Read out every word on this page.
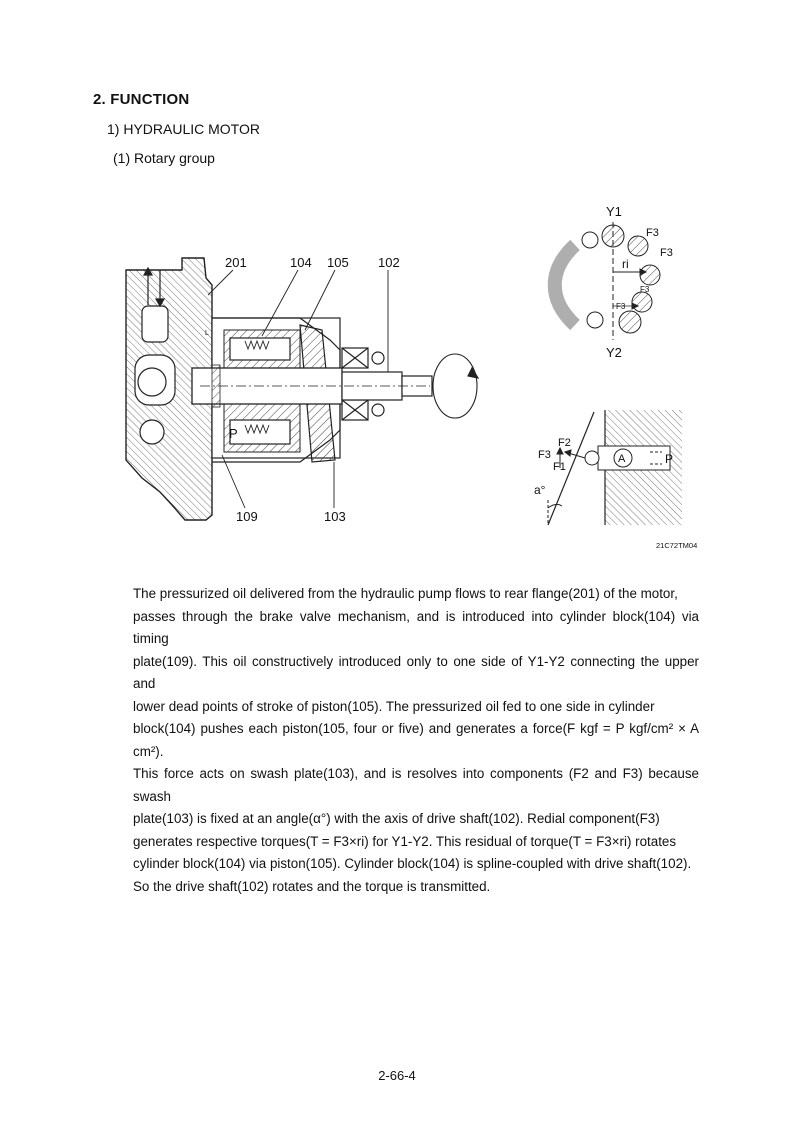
2. FUNCTION
1) HYDRAULIC MOTOR
(1) Rotary group
P
L
201	104 105 102
109	103
Y1
Y2
F3
F3
F3
F3
ri
F2
F3
F1
A	P
a°
21C72TM04
The pressurized oil delivered from the hydraulic pump flows to rear flange(201) of the motor,
passes through the brake valve mechanism, and is introduced into cylinder block(104) via timing
plate(109). This oil constructively introduced only to one side of Y1-Y2 connecting the upper and
lower dead points of stroke of piston(105). The pressurized oil fed to one side in cylinder
block(104) pushes each piston(105, four or five) and generates a force(F kgf = P kgf/cm² × A cm²).
This force acts on swash plate(103), and is resolves into components (F2 and F3) because swash
plate(103) is fixed at an angle(α°) with the axis of drive shaft(102). Redial component(F3)
generates respective torques(T = F3×ri) for Y1-Y2. This residual of torque(T = F3×ri) rotates
cylinder block(104) via piston(105). Cylinder block(104) is spline-coupled with drive shaft(102).
So the drive shaft(102) rotates and the torque is transmitted.
2-66-4
